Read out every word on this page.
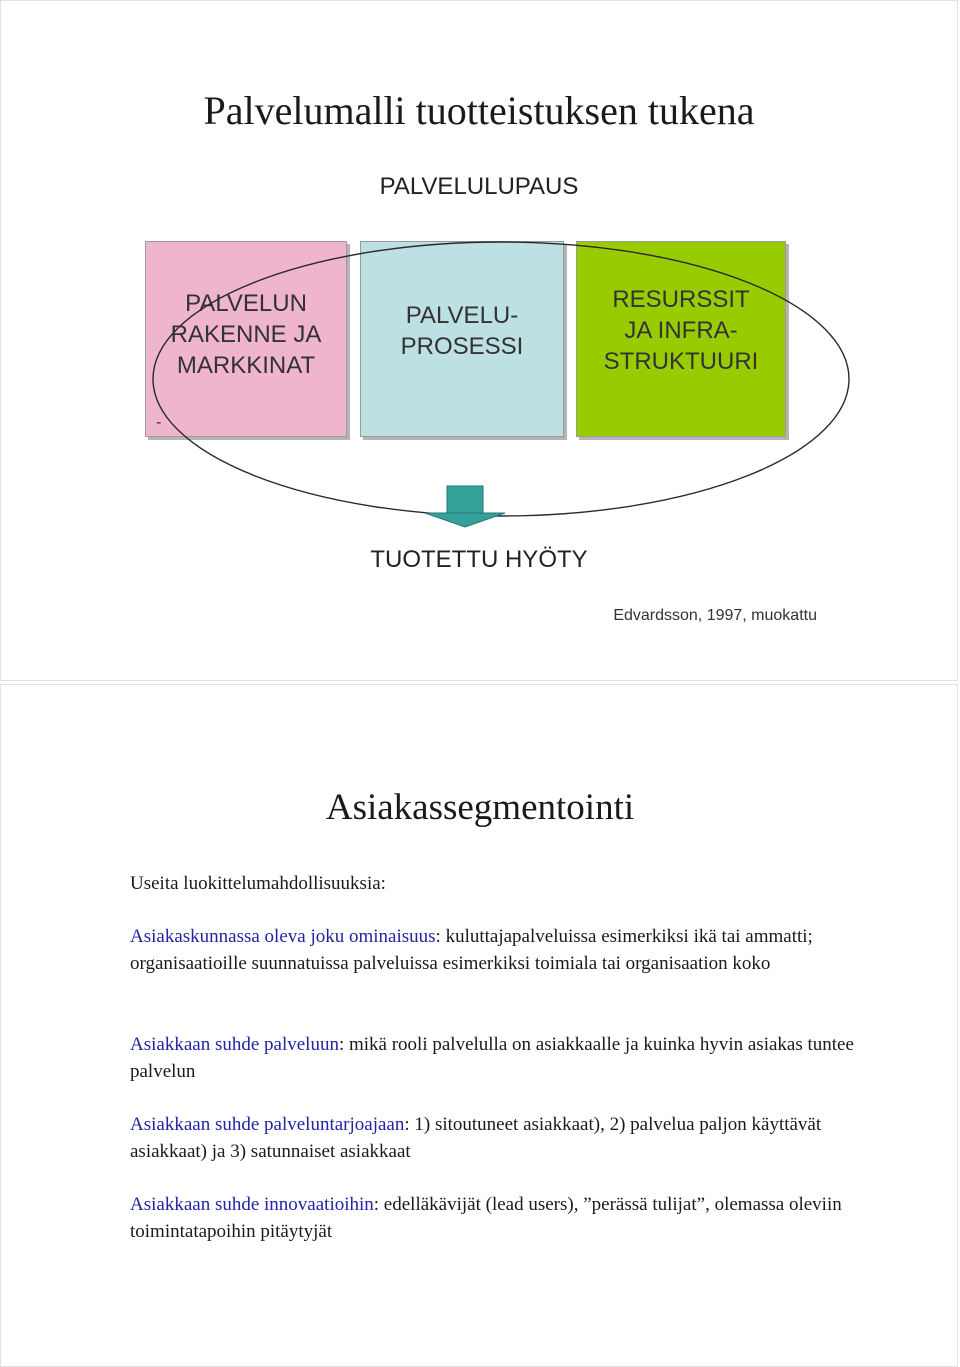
Palvelumalli tuotteistuksen tukena
PALVELULUPAUS
PALVELUN
RAKENNE JA
MARKKINAT
PALVELU-
PROSESSI
RESURSSIT
JA INFRA-
STRUKTUURI
-
TUOTETTU HYÖTY
Edvardsson, 1997, muokattu
Asiakassegmentointi
Useita luokittelumahdollisuuksia:
Asiakaskunnassa oleva joku ominaisuus: kuluttajapalveluissa esimerkiksi ikä tai ammatti; organisaatioille suunnatuissa palveluissa esimerkiksi toimiala tai organisaation koko
Asiakkaan suhde palveluun: mikä rooli palvelulla on asiakkaalle ja kuinka hyvin asiakas tuntee palvelun
Asiakkaan suhde palveluntarjoajaan: 1) sitoutuneet asiakkaat), 2) palvelua paljon käyttävät asiakkaat) ja 3) satunnaiset asiakkaat
Asiakkaan suhde innovaatioihin: edelläkävijät (lead users), ”perässä tulijat”, olemassa oleviin toimintatapoihin pitäytyjät
